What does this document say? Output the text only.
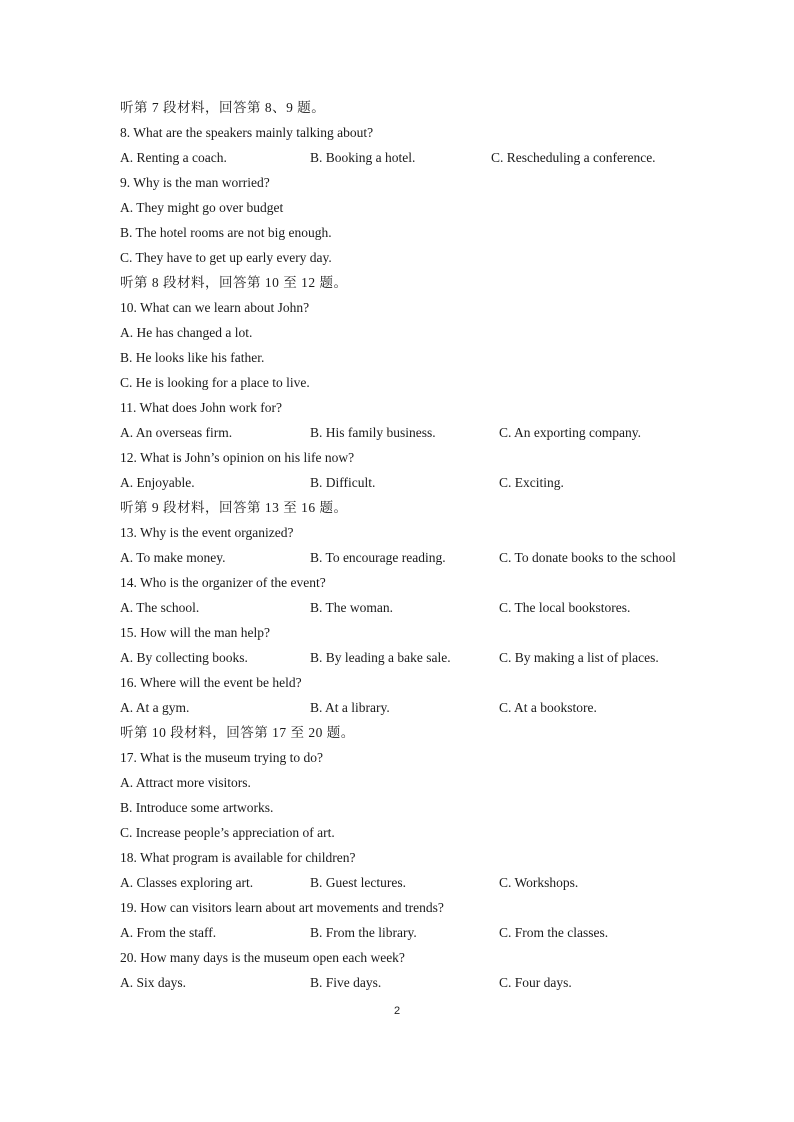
听第 7 段材料，回答第 8、9 题。
8. What are the speakers mainly talking about?
A. Renting a coach.	B. Booking a hotel.	C. Rescheduling a conference.
9. Why is the man worried?
A. They might go over budget
B. The hotel rooms are not big enough.
C. They have to get up early every day.
听第 8 段材料，回答第 10 至 12 题。
10. What can we learn about John?
A. He has changed a lot.
B. He looks like his father.
C. He is looking for a place to live.
11. What does John work for?
A. An overseas firm.	B. His family business.	C. An exporting company.
12. What is John’s opinion on his life now?
A. Enjoyable.	B. Difficult.	C. Exciting.
听第 9 段材料，回答第 13 至 16 题。
13. Why is the event organized?
A. To make money.	B. To encourage reading.	C. To donate books to the school
14. Who is the organizer of the event?
A. The school.	B. The woman.	C. The local bookstores.
15. How will the man help?
A. By collecting books.	B. By leading a bake sale.	C. By making a list of places.
16. Where will the event be held?
A. At a gym.	B. At a library.	C. At a bookstore.
听第 10 段材料，回答第 17 至 20 题。
17. What is the museum trying to do?
A. Attract more visitors.
B. Introduce some artworks.
C. Increase people’s appreciation of art.
18. What program is available for children?
A. Classes exploring art.	B. Guest lectures.	C. Workshops.
19. How can visitors learn about art movements and trends?
A. From the staff.	B. From the library.	C. From the classes.
20. How many days is the museum open each week?
A. Six days.	B. Five days.	C. Four days.
2
